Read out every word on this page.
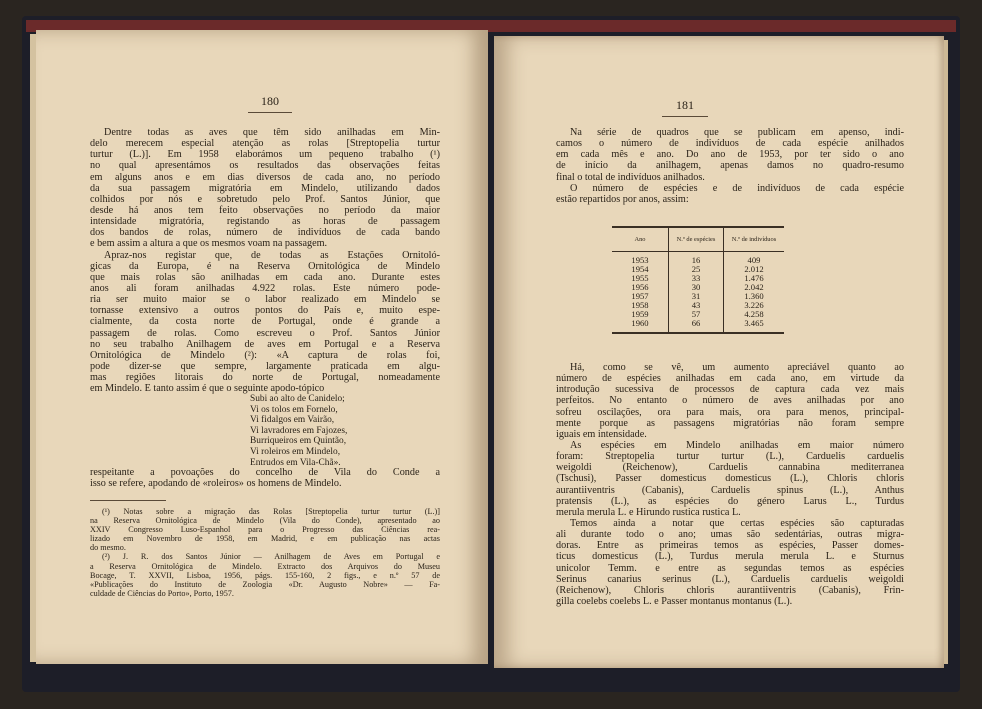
180
Dentre todas as aves que têm sido anilhadas em Min-
delo merecem especial atenção as rolas [Streptopelia turtur
turtur (L.)]. Em 1958 elaborámos um pequeno trabalho (¹)
no qual apresentámos os resultados das observações feitas
em alguns anos e em dias diversos de cada ano, no período
da sua passagem migratória em Mindelo, utilizando dados
colhidos por nós e sobretudo pelo Prof. Santos Júnior, que
desde há anos tem feito observações no período da maior
intensidade migratória, registando as horas de passagem
dos bandos de rolas, número de indivíduos de cada bando
e bem assim a altura a que os mesmos voam na passagem.
Apraz-nos registar que, de todas as Estações Ornitoló-
gicas da Europa, é na Reserva Ornitológica de Mindelo
que mais rolas são anilhadas em cada ano. Durante estes
anos ali foram anilhadas 4.922 rolas. Este número pode-
ria ser muito maior se o labor realizado em Mindelo se
tornasse extensivo a outros pontos do País e, muito espe-
cialmente, da costa norte de Portugal, onde é grande a
passagem de rolas. Como escreveu o Prof. Santos Júnior
no seu trabalho Anilhagem de aves em Portugal e a Reserva
Ornitológica de Mindelo (²): «A captura de rolas foi,
pode dizer-se que sempre, largamente praticada em algu-
mas regiões litorais do norte de Portugal, nomeadamente
em Mindelo. E tanto assim é que o seguinte apodo-tópico
Subi ao alto de Canidelo;
Vi os tolos em Fornelo,
Vi fidalgos em Vairão,
Vi lavradores em Fajozes,
Burriqueiros em Quintão,
Vi roleiros em Mindelo,
Entrudos em Vila-Chã».
respeitante a povoações do concelho de Vila do Conde a
isso se refere, apodando de «roleiros» os homens de Mindelo.
(¹) Notas sobre a migração das Rolas [Streptopelia turtur turtur (L.)]
na Reserva Ornitológica de Mindelo (Vila do Conde), apresentado ao
XXIV Congresso Luso-Espanhol para o Progresso das Ciências rea-
lizado em Novembro de 1958, em Madrid, e em publicação nas actas
do mesmo.
(²) J. R. dos Santos Júnior — Anilhagem de Aves em Portugal e
a Reserva Ornitológica de Mindelo. Extracto dos Arquivos do Museu
Bocage, T. XXVII, Lisboa, 1956, págs. 155-160, 2 figs., e n.º 57 de
«Publicações do Instituto de Zoologia «Dr. Augusto Nobre» — Fa-
culdade de Ciências do Porto», Porto, 1957.
181
Na série de quadros que se publicam em apenso, indi-
camos o número de indivíduos de cada espécie anilhados
em cada mês e ano. Do ano de 1953, por ter sido o ano
de início da anilhagem, apenas damos no quadro-resumo
final o total de indivíduos anilhados.
O número de espécies e de indivíduos de cada espécie
estão repartidos por anos, assim:
Ano	N.º de espécies	N.º de indivíduos
1953	16	409
1954	25	2.012
1955	33	1.476
1956	30	2.042
1957	31	1.360
1958	43	3.226
1959	57	4.258
1960	66	3.465
Há, como se vê, um aumento apreciável quanto ao
número de espécies anilhadas em cada ano, em virtude da
introdução sucessiva de processos de captura cada vez mais
perfeitos. No entanto o número de aves anilhadas por ano
sofreu oscilações, ora para mais, ora para menos, principal-
mente porque as passagens migratórias não foram sempre
iguais em intensidade.
As espécies em Mindelo anilhadas em maior número
foram: Streptopelia turtur turtur (L.), Carduelis carduelis
weigoldi (Reichenow), Carduelis cannabina mediterranea
(Tschusi), Passer domesticus domesticus (L.), Chloris chloris
aurantiiventris (Cabanis), Carduelis spinus (L.), Anthus
pratensis (L.), as espécies do género Larus L., Turdus
merula merula L. e Hirundo rustica rustica L.
Temos ainda a notar que certas espécies são capturadas
ali durante todo o ano; umas são sedentárias, outras migra-
doras. Entre as primeiras temos as espécies, Passer domes-
ticus domesticus (L.), Turdus merula merula L. e Sturnus
unicolor Temm. e entre as segundas temos as espécies
Serinus canarius serinus (L.), Carduelis carduelis weigoldi
(Reichenow), Chloris chloris aurantiiventris (Cabanis), Frin-
gilla coelebs coelebs L. e Passer montanus montanus (L.).
